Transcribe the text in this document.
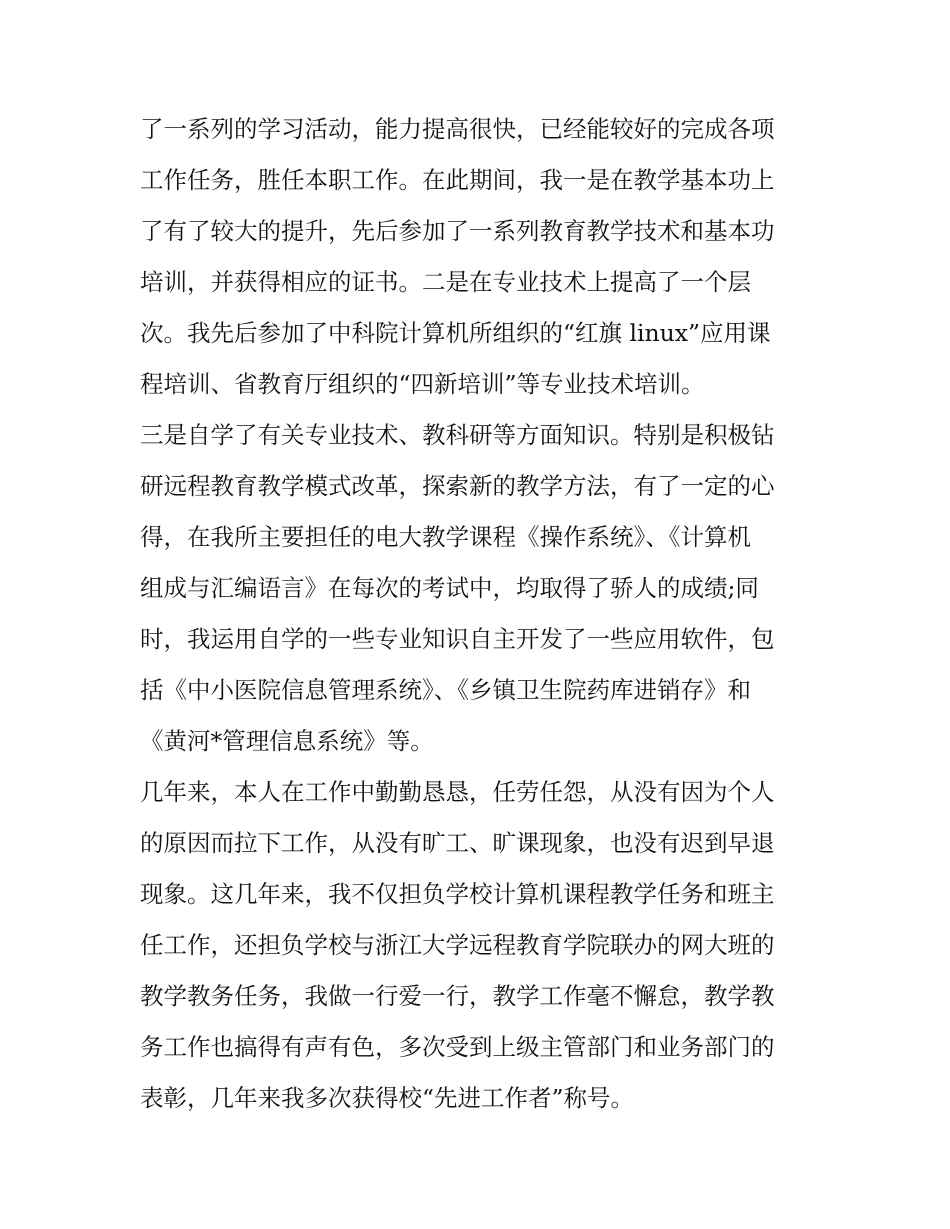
了一系列的学习活动，能力提高很快，已经能较好的完成各项
工作任务，胜任本职工作。在此期间，我一是在教学基本功上
了有了较大的提升，先后参加了一系列教育教学技术和基本功
培训，并获得相应的证书。二是在专业技术上提高了一个层
次。我先后参加了中科院计算机所组织的“红旗 linux”应用课
程培训、省教育厅组织的“四新培训”等专业技术培训。
三是自学了有关专业技术、教科研等方面知识。特别是积极钻
研远程教育教学模式改革，探索新的教学方法，有了一定的心
得，在我所主要担任的电大教学课程《操作系统》、《计算机
组成与汇编语言》在每次的考试中，均取得了骄人的成绩;同
时，我运用自学的一些专业知识自主开发了一些应用软件，包
括《中小医院信息管理系统》、《乡镇卫生院药库进销存》和
《黄河*管理信息系统》等。
几年来，本人在工作中勤勤恳恳，任劳任怨，从没有因为个人
的原因而拉下工作，从没有旷工、旷课现象，也没有迟到早退
现象。这几年来，我不仅担负学校计算机课程教学任务和班主
任工作，还担负学校与浙江大学远程教育学院联办的网大班的
教学教务任务，我做一行爱一行，教学工作毫不懈怠，教学教
务工作也搞得有声有色，多次受到上级主管部门和业务部门的
表彰，几年来我多次获得校“先进工作者”称号。
